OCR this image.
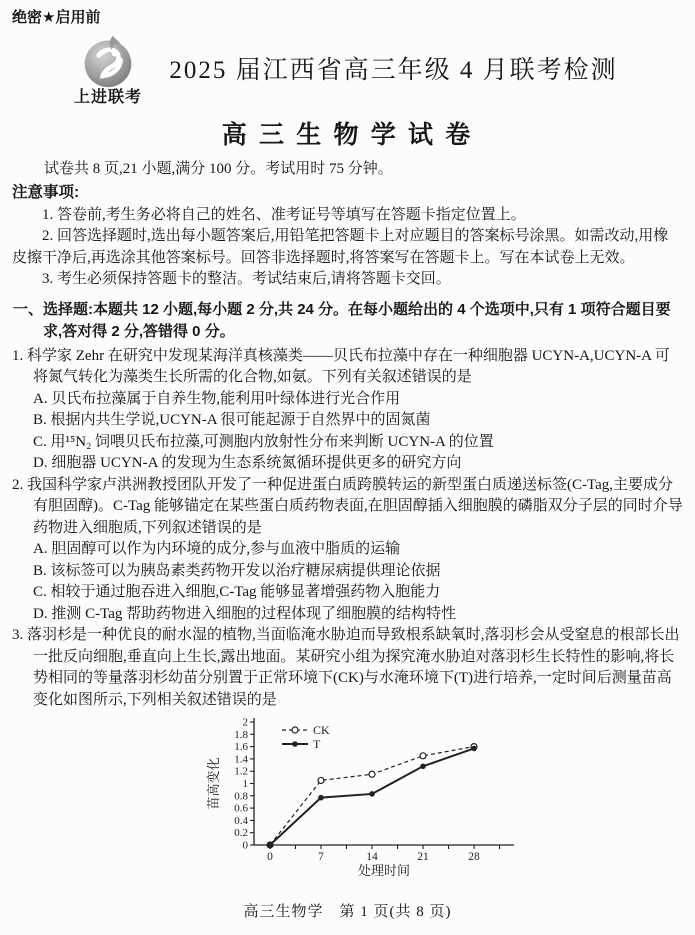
绝密★启用前
上进联考
2025 届江西省高三年级 4 月联考检测
高 三 生 物 学 试 卷

试卷共 8 页,21 小题,满分 100 分。考试用时 75 分钟。

注意事项:

1. 答卷前,考生务必将自己的姓名、准考证号等填写在答题卡指定位置上。

2. 回答选择题时,选出每小题答案后,用铅笔把答题卡上对应题目的答案标号涂黑。如需改动,用橡皮擦干净后,再选涂其他答案标号。回答非选择题时,将答案写在答题卡上。写在本试卷上无效。

3. 考生必须保持答题卡的整洁。考试结束后,请将答题卡交回。

一、选择题:本题共 12 小题,每小题 2 分,共 24 分。在每小题给出的 4 个选项中,只有 1 项符合题目要求,答对得 2 分,答错得 0 分。

1. 科学家 Zehr 在研究中发现某海洋真核藻类——贝氏布拉藻中存在一种细胞器 UCYN-A,UCYN-A 可将氮气转化为藻类生长所需的化合物,如氨。下列有关叙述错误的是

A. 贝氏布拉藻属于自养生物,能利用叶绿体进行光合作用
B. 根据内共生学说,UCYN-A 很可能起源于自然界中的固氮菌
C. 用¹⁵N₂ 饲喂贝氏布拉藻,可测胞内放射性分布来判断 UCYN-A 的位置
D. 细胞器 UCYN-A 的发现为生态系统氮循环提供更多的研究方向

2. 我国科学家卢洪洲教授团队开发了一种促进蛋白质跨膜转运的新型蛋白质递送标签(C-Tag,主要成分有胆固醇)。C-Tag 能够锚定在某些蛋白质药物表面,在胆固醇插入细胞膜的磷脂双分子层的同时介导药物进入细胞质,下列叙述错误的是

A. 胆固醇可以作为内环境的成分,参与血液中脂质的运输
B. 该标签可以为胰岛素类药物开发以治疗糖尿病提供理论依据
C. 相较于通过胞吞进入细胞,C-Tag 能够显著增强药物入胞能力
D. 推测 C-Tag 帮助药物进入细胞的过程体现了细胞膜的结构特性

3. 落羽杉是一种优良的耐水湿的植物,当面临淹水胁迫而导致根系缺氧时,落羽杉会从受窒息的根部长出一批反向细胞,垂直向上生长,露出地面。某研究小组为探究淹水胁迫对落羽杉生长特性的影响,将长势相同的等量落羽杉幼苗分别置于正常环境下(CK)与水淹环境下(T)进行培养,一定时间后测量苗高变化如图所示,下列相关叙述错误的是

0
0.2
0.4
0.6
0.8
1
1.2
1.4
1.6
1.8
2
0	7	14	21	28
处理时间
苗高变化
CK
T
高三生物学　第 1 页(共 8 页)
